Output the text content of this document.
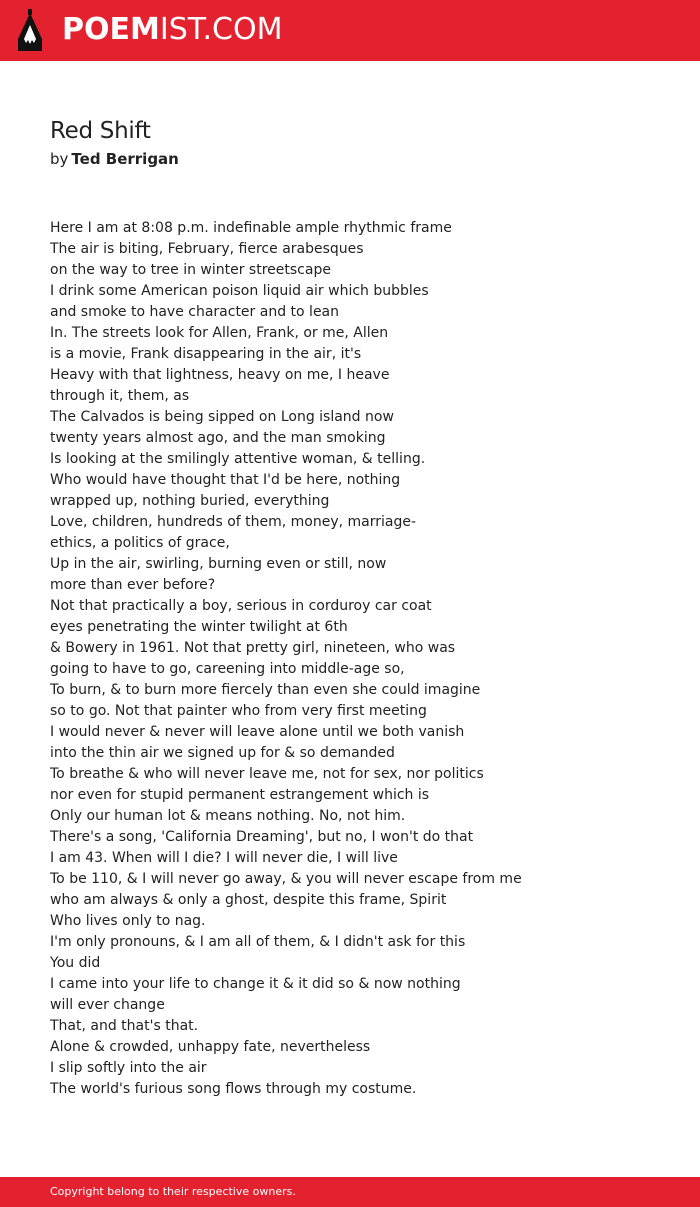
POEMIST.COM
Red Shift
by Ted Berrigan
Here I am at 8:08 p.m. indefinable ample rhythmic frame
The air is biting, February, fierce arabesques
on the way to tree in winter streetscape
I drink some American poison liquid air which bubbles
and smoke to have character and to lean
In. The streets look for Allen, Frank, or me, Allen
is a movie, Frank disappearing in the air, it's
Heavy with that lightness, heavy on me, I heave
through it, them, as
The Calvados is being sipped on Long island now
twenty years almost ago, and the man smoking
Is looking at the smilingly attentive woman, & telling.
Who would have thought that I'd be here, nothing
wrapped up, nothing buried, everything
Love, children, hundreds of them, money, marriage-
ethics, a politics of grace,
Up in the air, swirling, burning even or still, now
more than ever before?
Not that practically a boy, serious in corduroy car coat
eyes penetrating the winter twilight at 6th
& Bowery in 1961. Not that pretty girl, nineteen, who was
going to have to go, careening into middle-age so,
To burn, & to burn more fiercely than even she could imagine
so to go. Not that painter who from very first meeting
I would never & never will leave alone until we both vanish
into the thin air we signed up for & so demanded
To breathe & who will never leave me, not for sex, nor politics
nor even for stupid permanent estrangement which is
Only our human lot & means nothing. No, not him.
There's a song, 'California Dreaming', but no, I won't do that
I am 43. When will I die? I will never die, I will live
To be 110, & I will never go away, & you will never escape from me
who am always & only a ghost, despite this frame, Spirit
Who lives only to nag.
I'm only pronouns, & I am all of them, & I didn't ask for this
You did
I came into your life to change it & it did so & now nothing
will ever change
That, and that's that.
Alone & crowded, unhappy fate, nevertheless
I slip softly into the air
The world's furious song flows through my costume.
Copyright belong to their respective owners.
